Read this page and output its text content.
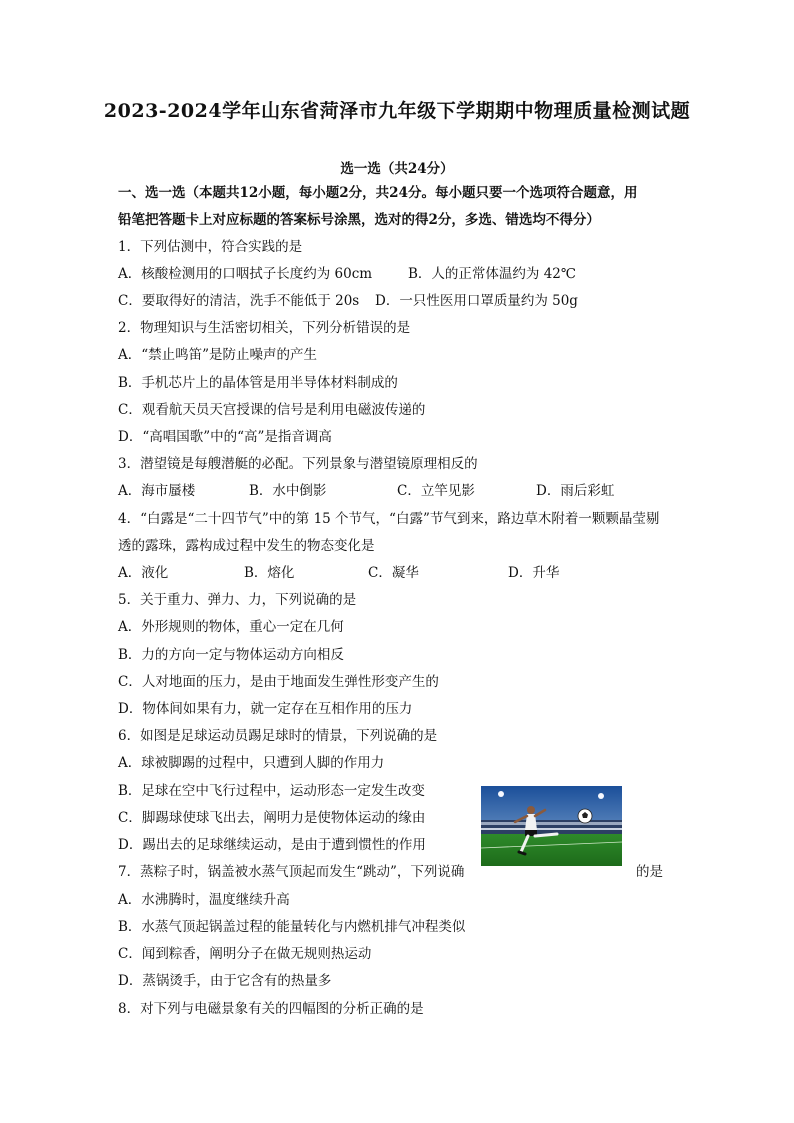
2023-2024学年山东省菏泽市九年级下学期期中物理质量检测试题
选一选（共24分）
一、选一选（本题共12小题，每小题2分，共24分。每小题只要一个选项符合题意，用
铅笔把答题卡上对应标题的答案标号涂黑，选对的得2分，多选、错选均不得分）
1．下列估测中，符合实践的是
A．核酸检测用的口咽拭子长度约为 60cm	B．人的正常体温约为 42℃
C．要取得好的清洁，洗手不能低于 20s D．一只性医用口罩质量约为 50g
2．物理知识与生活密切相关，下列分析错误的是
A．“禁止鸣笛”是防止噪声的产生
B．手机芯片上的晶体管是用半导体材料制成的
C．观看航天员天宫授课的信号是利用电磁波传递的
D．“高唱国歌”中的“高”是指音调高
3．潜望镜是每艘潜艇的必配。下列景象与潜望镜原理相反的
A．海市蜃楼	B．水中倒影	C．立竿见影	D．雨后彩虹
4．“白露是“二十四节气”中的第 15 个节气，“白露”节气到来，路边草木附着一颗颗晶莹剔
透的露珠，露构成过程中发生的物态变化是
A．液化	B．熔化	C．凝华	D．升华
5．关于重力、弹力、力，下列说确的是
A．外形规则的物体，重心一定在几何
B．力的方向一定与物体运动方向相反
C．人对地面的压力，是由于地面发生弹性形变产生的
D．物体间如果有力，就一定存在互相作用的压力
6．如图是足球运动员踢足球时的情景，下列说确的是
A．球被脚踢的过程中，只遭到人脚的作用力
B．足球在空中飞行过程中，运动形态一定发生改变
C．脚踢球使球飞出去，阐明力是使物体运动的缘由
D．踢出去的足球继续运动，是由于遭到惯性的作用
7．蒸粽子时，锅盖被水蒸气顶起而发生“跳动”，下列说确	的是
A．水沸腾时，温度继续升高
B．水蒸气顶起锅盖过程的能量转化与内燃机排气冲程类似
C．闻到粽香，阐明分子在做无规则热运动
D．蒸锅烫手，由于它含有的热量多
8．对下列与电磁景象有关的四幅图的分析正确的是
